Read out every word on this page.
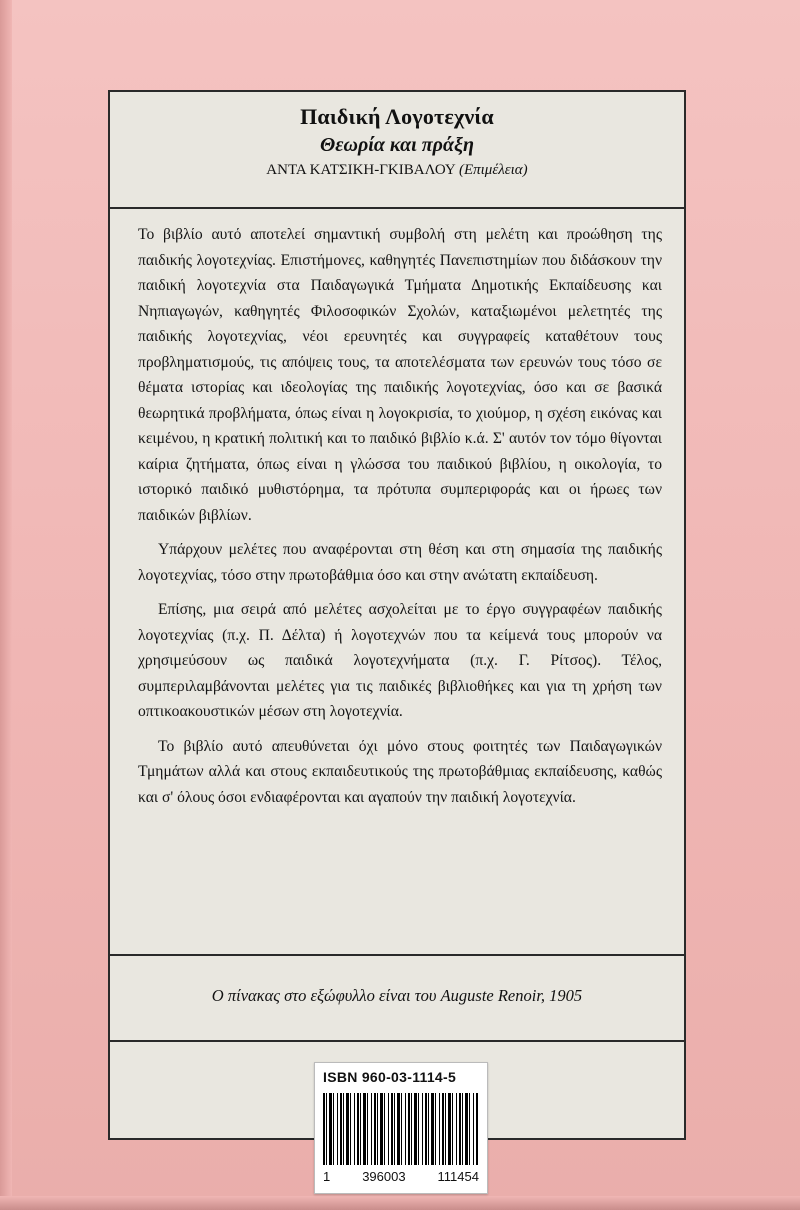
Παιδική Λογοτεχνία
Θεωρία και πράξη
ΑΝΤΑ ΚΑΤΣΙΚΗ-ΓΚΙΒΑΛΟΥ (Επιμέλεια)

Το βιβλίο αυτό αποτελεί σημαντική συμβολή στη μελέτη και προώθηση της παιδικής λογοτεχνίας. Επιστήμονες, καθηγητές Πανεπιστημίων που διδάσκουν την παιδική λογοτεχνία στα Παιδαγωγικά Τμήματα Δημοτικής Εκπαίδευσης και Νηπιαγωγών, καθηγητές Φιλοσοφικών Σχολών, καταξιωμένοι μελετητές της παιδικής λογοτεχνίας, νέοι ερευνητές και συγγραφείς καταθέτουν τους προβληματισμούς, τις απόψεις τους, τα αποτελέσματα των ερευνών τους τόσο σε θέματα ιστορίας και ιδεολογίας της παιδικής λογοτεχνίας, όσο και σε βασικά θεωρητικά προβλήματα, όπως είναι η λογοκρισία, το χιούμορ, η σχέση εικόνας και κειμένου, η κρατική πολιτική και το παιδικό βιβλίο κ.ά. Σ' αυτόν τον τόμο θίγονται καίρια ζητήματα, όπως είναι η γλώσσα του παιδικού βιβλίου, η οικολογία, το ιστορικό παιδικό μυθιστόρημα, τα πρότυπα συμπεριφοράς και οι ήρωες των παιδικών βιβλίων.

Υπάρχουν μελέτες που αναφέρονται στη θέση και στη σημασία της παιδικής λογοτεχνίας, τόσο στην πρωτοβάθμια όσο και στην ανώτατη εκπαίδευση.

Επίσης, μια σειρά από μελέτες ασχολείται με το έργο συγγραφέων παιδικής λογοτεχνίας (π.χ. Π. Δέλτα) ή λογοτεχνών που τα κείμενά τους μπορούν να χρησιμεύσουν ως παιδικά λογοτεχνήματα (π.χ. Γ. Ρίτσος). Τέλος, συμπεριλαμβάνονται μελέτες για τις παιδικές βιβλιοθήκες και για τη χρήση των οπτικοακουστικών μέσων στη λογοτεχνία.

Το βιβλίο αυτό απευθύνεται όχι μόνο στους φοιτητές των Παιδαγωγικών Τμημάτων αλλά και στους εκπαιδευτικούς της πρωτοβάθμιας εκπαίδευσης, καθώς και σ' όλους όσοι ενδιαφέρονται και αγαπούν την παιδική λογοτεχνία.

Ο πίνακας στο εξώφυλλο είναι του Auguste Renoir, 1905
ISBN 960-03-1114-5
1 396003 111454
